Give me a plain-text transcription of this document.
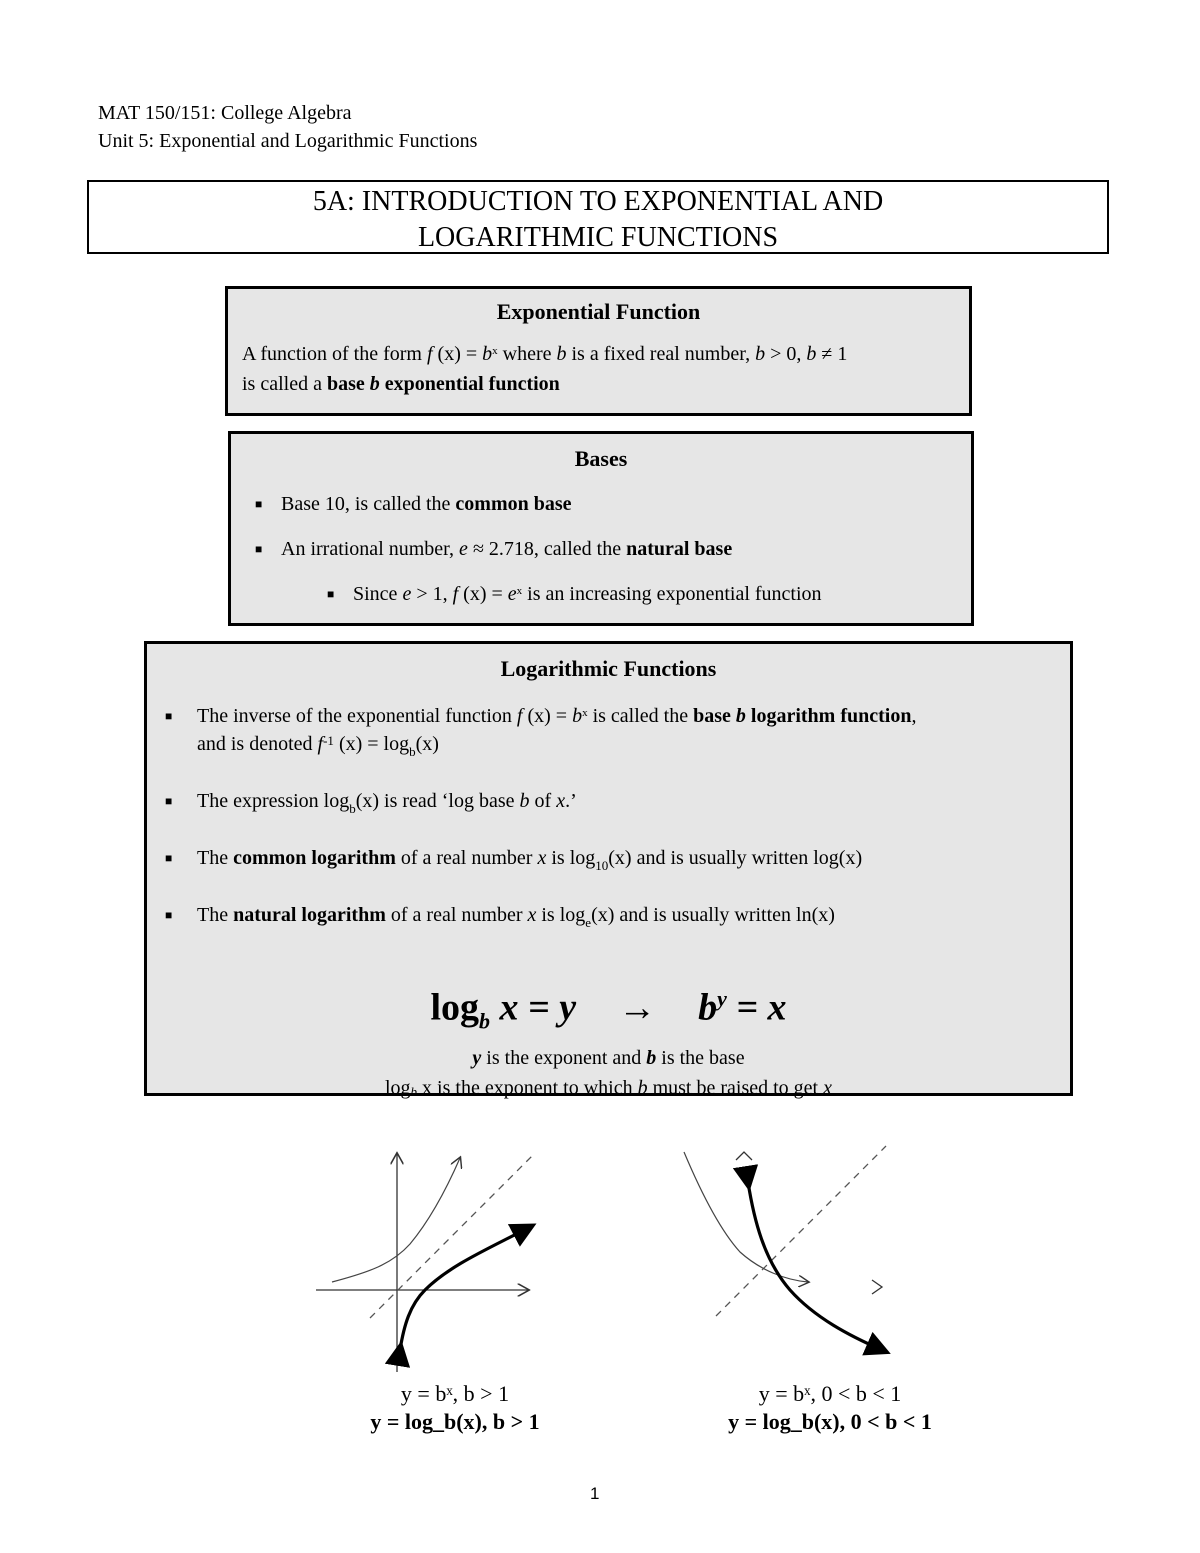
MAT 150/151: College Algebra
Unit 5: Exponential and Logarithmic Functions
5A: INTRODUCTION TO EXPONENTIAL AND
LOGARITHMIC FUNCTIONS
Exponential Function
A function of the form f $(x) = b^x$ where b is a fixed real number, b > 0, b ≠ 1
is called a base b exponential function
Bases
■ Base 10, is called the common base
■ An irrational number, e ≈ 2.718, called the natural base
■ Since e > 1, f $(x) = e^x$ is an increasing exponential function
Logarithmic Functions
■ The inverse of the exponential function f $(x) = b^x$ is called the base b logarithm function,
and is denoted $f^{-1}$ $(x) = \log_b(x)$
■ The expression $\log_b(x)$ is read ‘log base b of x.’
■ The common logarithm of a real number x is $\log_{10}(x)$ and is usually written log(x)
■ The natural logarithm of a real number x is $\log_e(x)$ and is usually written ln(x)
$\log_b x = y \to b^y = x$
y is the exponent and b is the base
$\log_b x$ is the exponent to which b must be raised to get x
y = bˣ, b > 1
y = log_b(x), b > 1
y = bˣ, 0 < b < 1
y = log_b(x), 0 < b < 1
1
